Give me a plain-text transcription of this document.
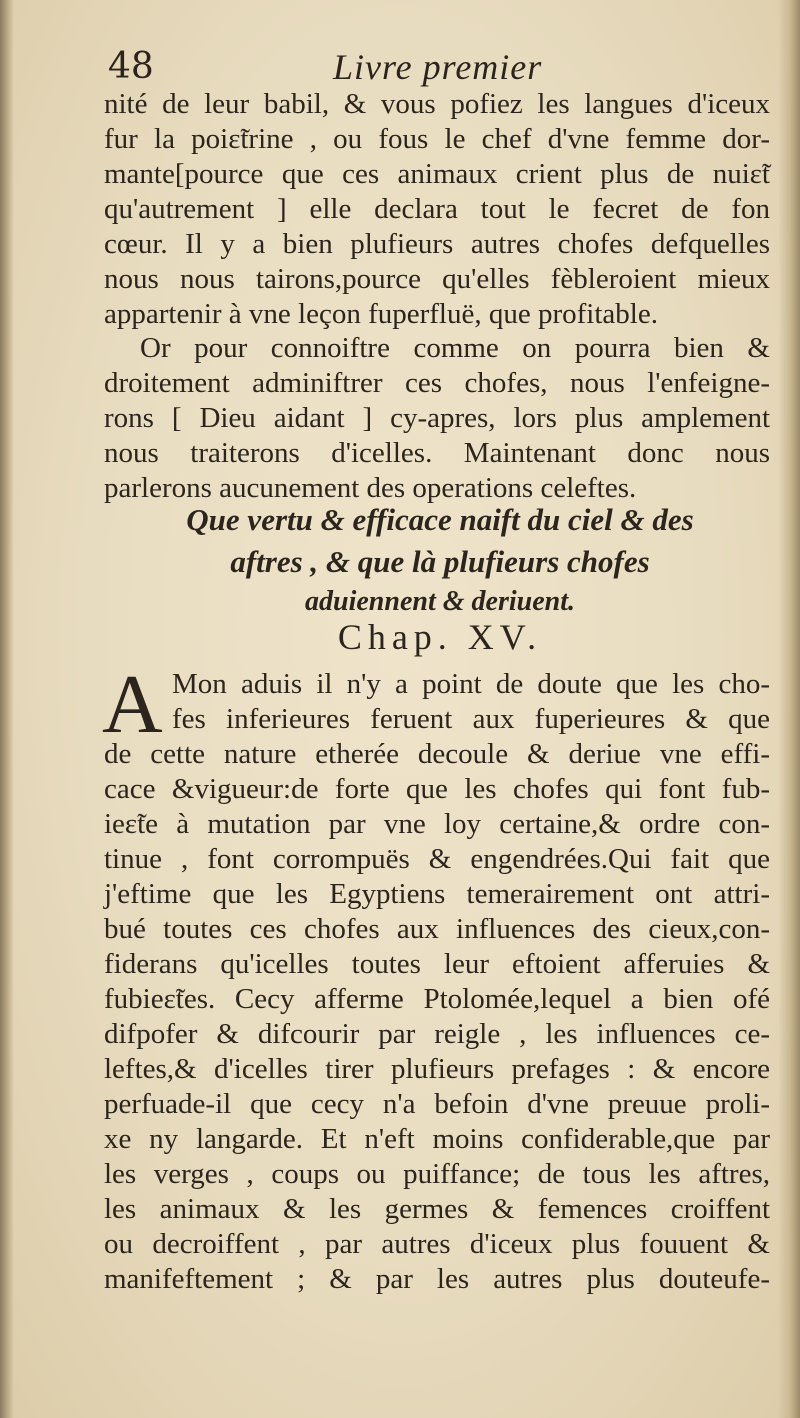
48	Livre premier
nité de leur babil, & vous pofiez les langues d'iceux
fur la poiɛ̃trine , ou fous le chef d'vne femme dor-
mante[pource que ces animaux crient plus de nuiɛ̃t
qu'autrement ] elle declara tout le fecret de fon
cœur. Il y a bien plufieurs autres chofes defquelles
nous nous tairons,pource qu'elles fèbleroient mieux
appartenir à vne leçon fuperfluë, que profitable.
Or pour connoiftre comme on pourra bien &
droitement adminiftrer ces chofes, nous l'enfeigne-
rons [ Dieu aidant ] cy-apres, lors plus amplement
nous traiterons d'icelles. Maintenant donc nous
parlerons aucunement des operations celeftes.
Que vertu & efficace naift du ciel & des
aftres , & que là plufieurs chofes
aduiennent & deriuent.
Chap. XV.
A Mon aduis il n'y a point de doute que les cho-
fes inferieures feruent aux fuperieures & que
de cette nature etherée decoule & deriue vne effi-
cace &vigueur:de forte que les chofes qui font fub-
ieɛ̃te à mutation par vne loy certaine,& ordre con-
tinue , font corrompuës & engendrées.Qui fait que
j'eftime que les Egyptiens temerairement ont attri-
bué toutes ces chofes aux influences des cieux,con-
fiderans qu'icelles toutes leur eftoient afferuies &
fubieɛ̃tes. Cecy afferme Ptolomée,lequel a bien ofé
difpofer & difcourir par reigle , les influences ce-
leftes,& d'icelles tirer plufieurs prefages : & encore
perfuade-il que cecy n'a befoin d'vne preuue proli-
xe ny langarde. Et n'eft moins confiderable,que par
les verges , coups ou puiffance; de tous les aftres,
les animaux & les germes & femences croiffent
ou decroiffent , par autres d'iceux plus fouuent &
manifeftement ; & par les autres plus douteufe-
